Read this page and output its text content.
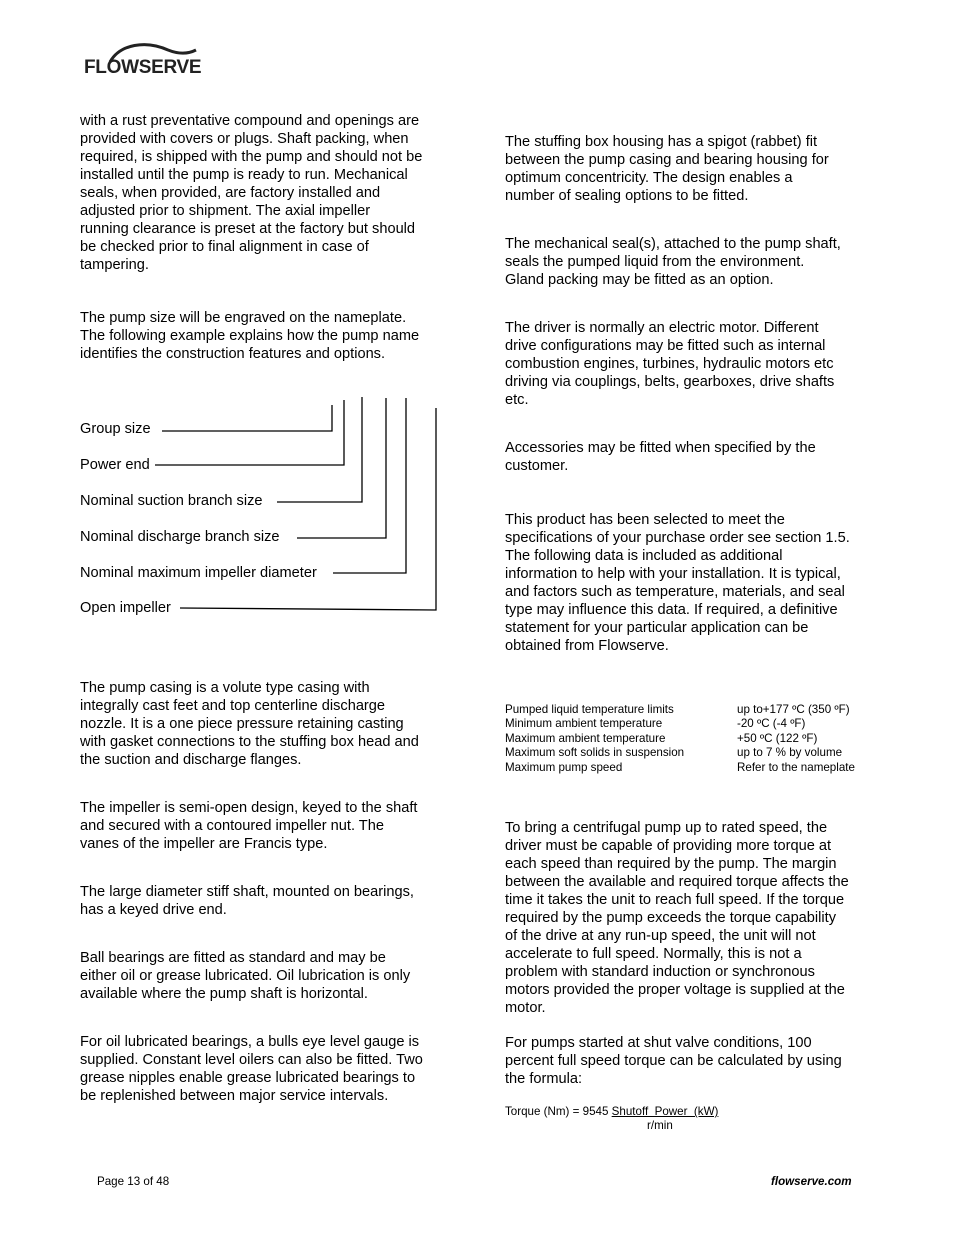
FLOWSERVE
with a rust preventative compound and openings are
provided with covers or plugs. Shaft packing, when
required, is shipped with the pump and should not be
installed until the pump is ready to run. Mechanical
seals, when provided, are factory installed and
adjusted prior to shipment. The axial impeller
running clearance is preset at the factory but should
be checked prior to final alignment in case of
tampering.
The pump size will be engraved on the nameplate.
The following example explains how the pump name
identifies the construction features and options.
Group size
Power end
Nominal suction branch size
Nominal discharge branch size
Nominal maximum impeller diameter
Open impeller
The pump casing is a volute type casing with
integrally cast feet and top centerline discharge
nozzle. It is a one piece pressure retaining casting
with gasket connections to the stuffing box head and
the suction and discharge flanges.
The impeller is semi-open design, keyed to the shaft
and secured with a contoured impeller nut. The
vanes of the impeller are Francis type.
The large diameter stiff shaft, mounted on bearings,
has a keyed drive end.
Ball bearings are fitted as standard and may be
either oil or grease lubricated. Oil lubrication is only
available where the pump shaft is horizontal.
For oil lubricated bearings, a bulls eye level gauge is
supplied. Constant level oilers can also be fitted. Two
grease nipples enable grease lubricated bearings to
be replenished between major service intervals.
The stuffing box housing has a spigot (rabbet) fit
between the pump casing and bearing housing for
optimum concentricity. The design enables a
number of sealing options to be fitted.
The mechanical seal(s), attached to the pump shaft,
seals the pumped liquid from the environment.
Gland packing may be fitted as an option.
The driver is normally an electric motor. Different
drive configurations may be fitted such as internal
combustion engines, turbines, hydraulic motors etc
driving via couplings, belts, gearboxes, drive shafts
etc.
Accessories may be fitted when specified by the
customer.
This product has been selected to meet the
specifications of your purchase order see section 1.5.
The following data is included as additional
information to help with your installation. It is typical,
and factors such as temperature, materials, and seal
type may influence this data. If required, a definitive
statement for your particular application can be
obtained from Flowserve.
Pumped liquid temperature limits	up to+177 ºC (350 ºF)
Minimum ambient temperature	-20 ºC (-4 ºF)
Maximum ambient temperature	+50 ºC (122 ºF)
Maximum soft solids in suspension	up to 7 % by volume
Maximum pump speed	Refer to the nameplate
To bring a centrifugal pump up to rated speed, the
driver must be capable of providing more torque at
each speed than required by the pump. The margin
between the available and required torque affects the
time it takes the unit to reach full speed. If the torque
required by the pump exceeds the torque capability
of the drive at any run-up speed, the unit will not
accelerate to full speed. Normally, this is not a
problem with standard induction or synchronous
motors provided the proper voltage is supplied at the
motor.
For pumps started at shut valve conditions, 100
percent full speed torque can be calculated by using
the formula:
Torque (Nm) = 9545 Shutoff  Power  (kW)
r/min
Page 13 of 48	flowserve.com
